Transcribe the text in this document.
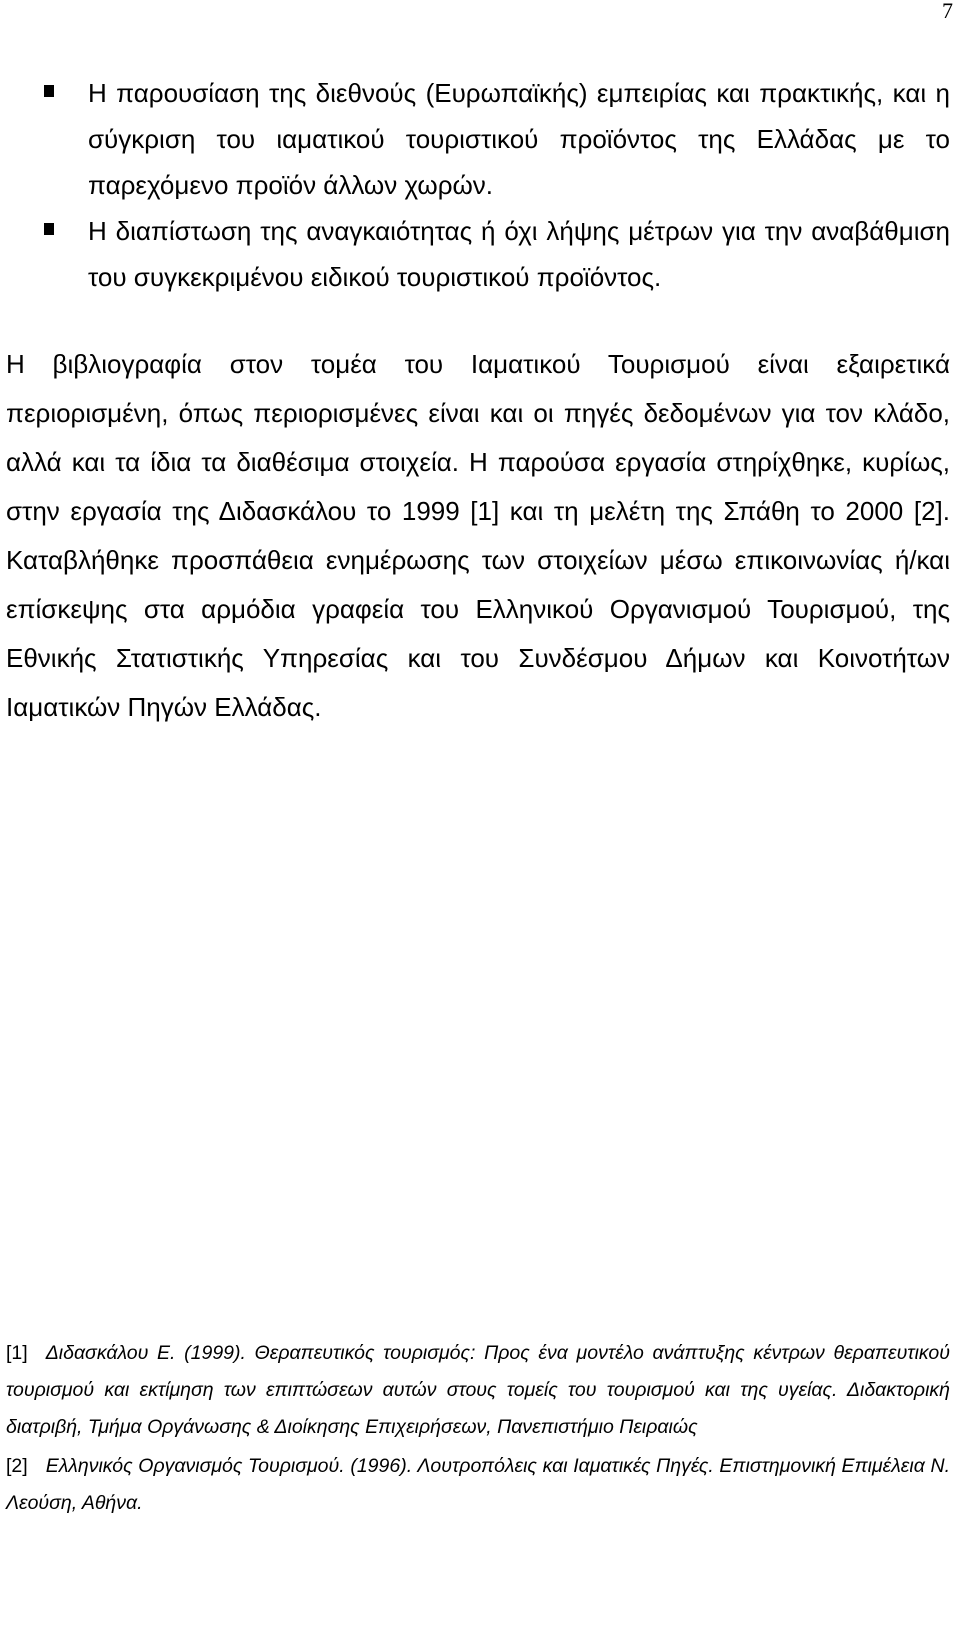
7
Η παρουσίαση της διεθνούς (Ευρωπαϊκής) εμπειρίας και πρακτικής, και η σύγκριση του ιαματικού τουριστικού προϊόντος της Ελλάδας με το παρεχόμενο προϊόν άλλων χωρών.
Η διαπίστωση της αναγκαιότητας ή όχι λήψης μέτρων για την αναβάθμιση του συγκεκριμένου ειδικού τουριστικού προϊόντος.

Η βιβλιογραφία στον τομέα του Ιαματικού Τουρισμού είναι εξαιρετικά περιορισμένη, όπως περιορισμένες είναι και οι πηγές δεδομένων για τον κλάδο, αλλά και τα ίδια τα διαθέσιμα στοιχεία. Η παρούσα εργασία στηρίχθηκε, κυρίως, στην εργασία της Διδασκάλου το 1999 [1] και τη μελέτη της Σπάθη το 2000 [2]. Καταβλήθηκε προσπάθεια ενημέρωσης των στοιχείων μέσω επικοινωνίας ή/και επίσκεψης στα αρμόδια γραφεία του Ελληνικού Οργανισμού Τουρισμού, της Εθνικής Στατιστικής Υπηρεσίας και του Συνδέσμου Δήμων και Κοινοτήτων Ιαματικών Πηγών Ελλάδας.

[1] Διδασκάλου Ε. (1999). Θεραπευτικός τουρισμός: Προς ένα μοντέλο ανάπτυξης κέντρων θεραπευτικού τουρισμού και εκτίμηση των επιπτώσεων αυτών στους τομείς του τουρισμού και της υγείας. Διδακτορική διατριβή, Τμήμα Οργάνωσης & Διοίκησης Επιχειρήσεων, Πανεπιστήμιο Πειραιώς

[2] Ελληνικός Οργανισμός Τουρισμού. (1996). Λουτροπόλεις και Ιαματικές Πηγές. Επιστημονική Επιμέλεια Ν. Λεούση, Αθήνα.
